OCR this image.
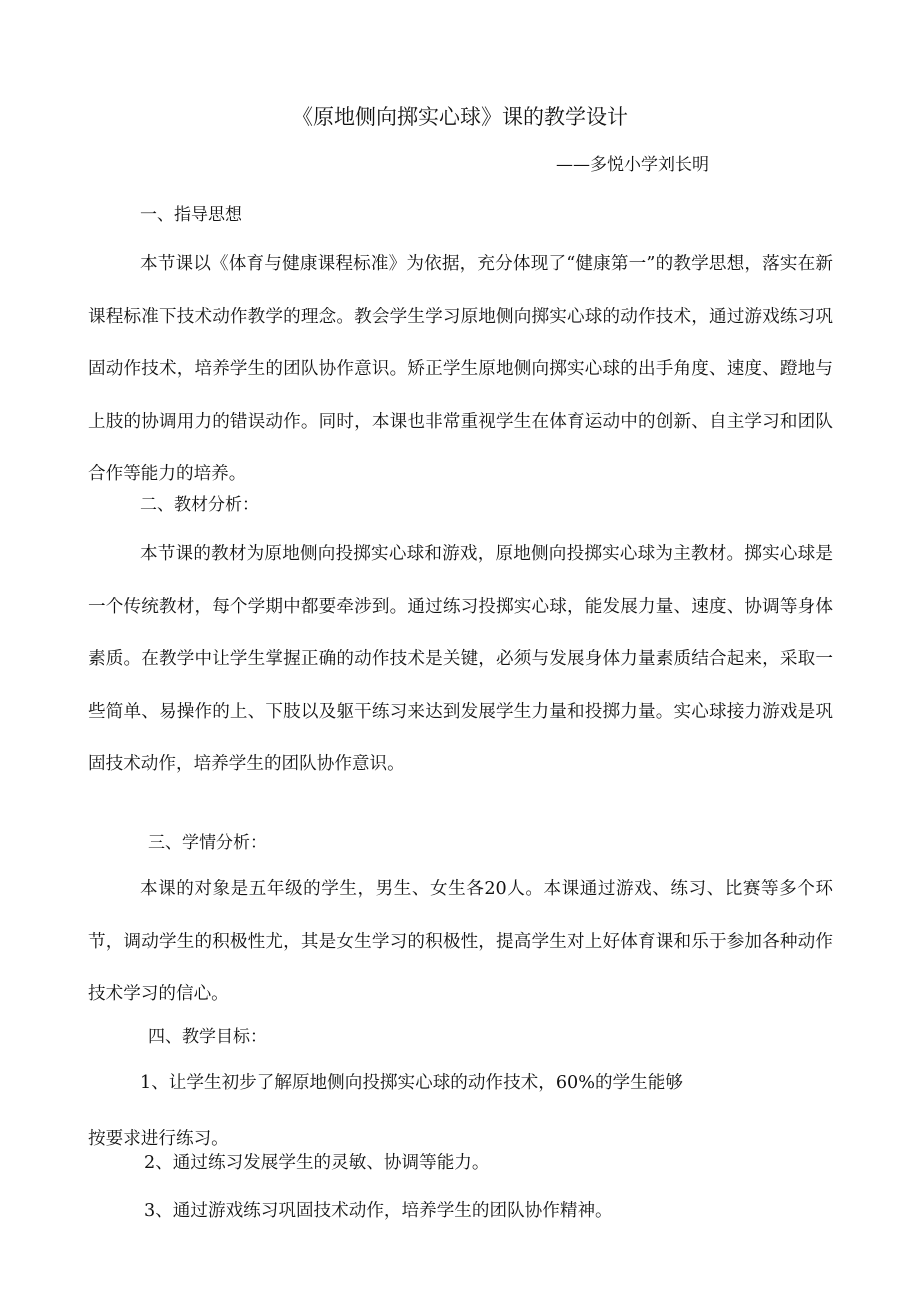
《原地侧向掷实心球》课的教学设计
——多悦小学刘长明
一、指导思想

本节课以《体育与健康课程标准》为依据，充分体现了“健康第一”的教学思想，落实在新课程标准下技术动作教学的理念。教会学生学习原地侧向掷实心球的动作技术，通过游戏练习巩固动作技术，培养学生的团队协作意识。矫正学生原地侧向掷实心球的出手角度、速度、蹬地与上肢的协调用力的错误动作。同时，本课也非常重视学生在体育运动中的创新、自主学习和团队合作等能力的培养。

二、教材分析：

本节课的教材为原地侧向投掷实心球和游戏，原地侧向投掷实心球为主教材。掷实心球是一个传统教材，每个学期中都要牵涉到。通过练习投掷实心球，能发展力量、速度、协调等身体素质。在教学中让学生掌握正确的动作技术是关键，必须与发展身体力量素质结合起来，采取一些简单、易操作的上、下肢以及躯干练习来达到发展学生力量和投掷力量。实心球接力游戏是巩固技术动作，培养学生的团队协作意识。

三、学情分析：

本课的对象是五年级的学生，男生、女生各20人。本课通过游戏、练习、比赛等多个环节，调动学生的积极性尤，其是女生学习的积极性，提高学生对上好体育课和乐于参加各种动作技术学习的信心。

四、教学目标：
1、让学生初步了解原地侧向投掷实心球的动作技术，60%的学生能够
按要求进行练习。
2、通过练习发展学生的灵敏、协调等能力。
3、通过游戏练习巩固技术动作，培养学生的团队协作精神。
